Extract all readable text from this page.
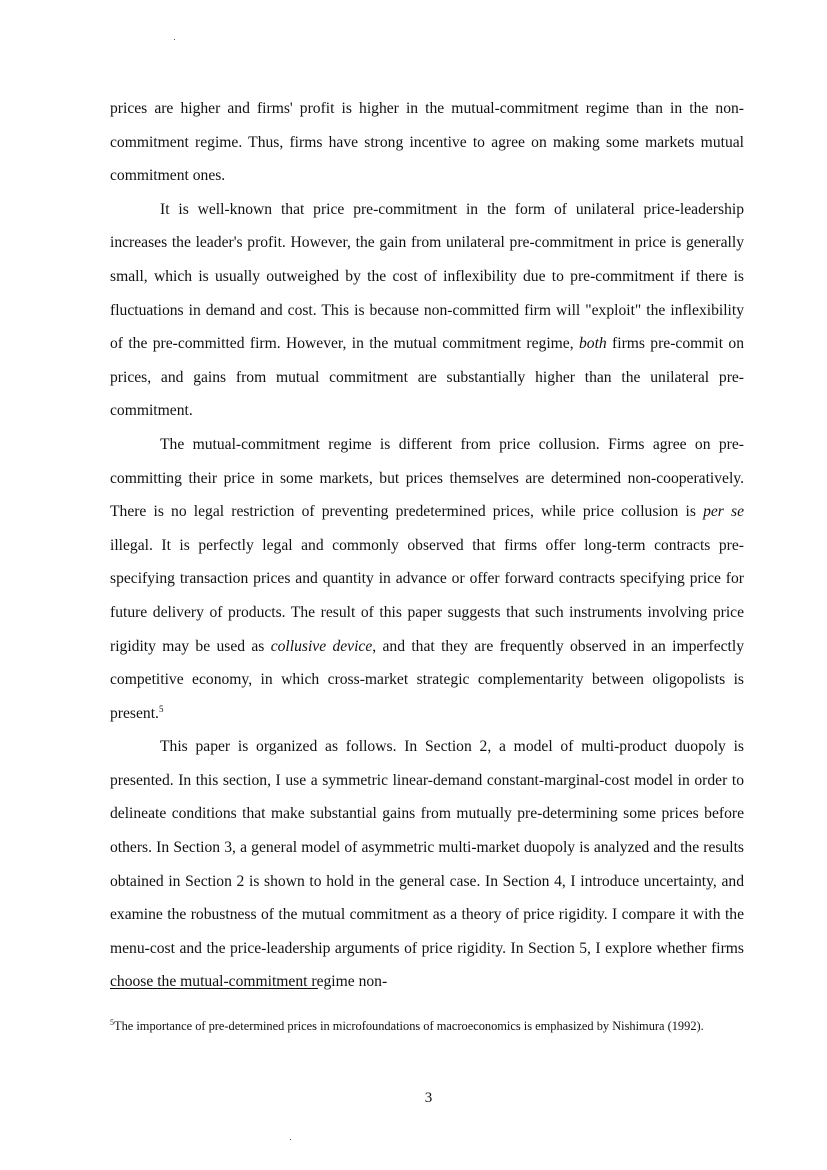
prices are higher and firms' profit is higher in the mutual-commitment regime than in the non-commitment regime. Thus, firms have strong incentive to agree on making some markets mutual commitment ones.

It is well-known that price pre-commitment in the form of unilateral price-leadership increases the leader's profit. However, the gain from unilateral pre-commitment in price is generally small, which is usually outweighed by the cost of inflexibility due to pre-commitment if there is fluctuations in demand and cost. This is because non-committed firm will "exploit" the inflexibility of the pre-committed firm. However, in the mutual commitment regime, both firms pre-commit on prices, and gains from mutual commitment are substantially higher than the unilateral pre-commitment.

The mutual-commitment regime is different from price collusion. Firms agree on pre-committing their price in some markets, but prices themselves are determined non-cooperatively. There is no legal restriction of preventing predetermined prices, while price collusion is per se illegal. It is perfectly legal and commonly observed that firms offer long-term contracts pre-specifying transaction prices and quantity in advance or offer forward contracts specifying price for future delivery of products. The result of this paper suggests that such instruments involving price rigidity may be used as collusive device, and that they are frequently observed in an imperfectly competitive economy, in which cross-market strategic complementarity between oligopolists is present.$^5$

This paper is organized as follows. In Section 2, a model of multi-product duopoly is presented. In this section, I use a symmetric linear-demand constant-marginal-cost model in order to delineate conditions that make substantial gains from mutually pre-determining some prices before others. In Section 3, a general model of asymmetric multi-market duopoly is analyzed and the results obtained in Section 2 is shown to hold in the general case. In Section 4, I introduce uncertainty, and examine the robustness of the mutual commitment as a theory of price rigidity. I compare it with the menu-cost and the price-leadership arguments of price rigidity. In Section 5, I explore whether firms choose the mutual-commitment regime non-

$^5$The importance of pre-determined prices in microfoundations of macroeconomics is emphasized by Nishimura (1992).
3
